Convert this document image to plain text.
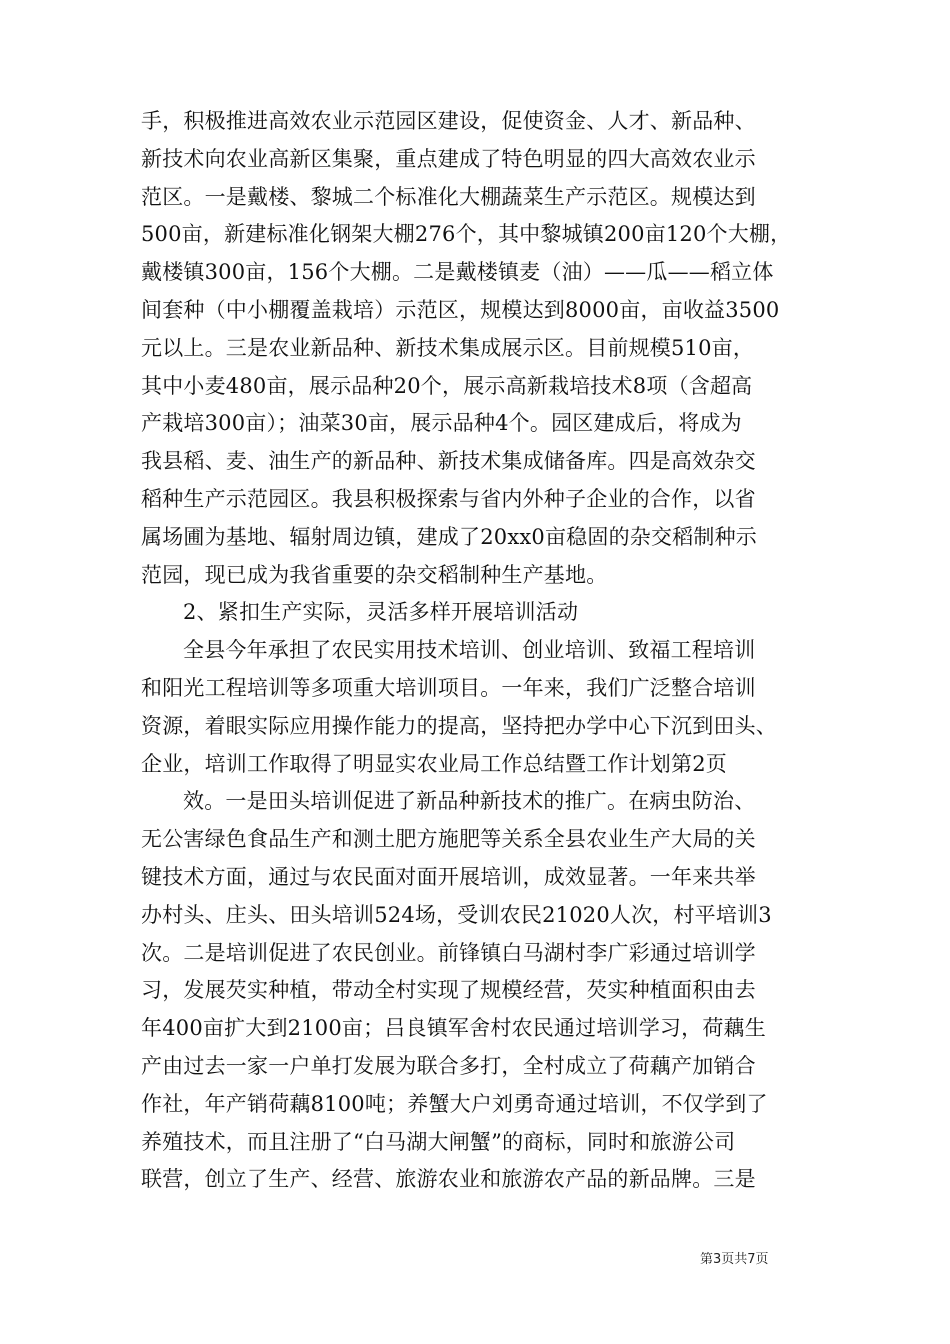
手，积极推进高效农业示范园区建设，促使资金、人才、新品种、
新技术向农业高新区集聚，重点建成了特色明显的四大高效农业示
范区。一是戴楼、黎城二个标准化大棚蔬菜生产示范区。规模达到
500亩，新建标准化钢架大棚276个，其中黎城镇200亩120个大棚，
戴楼镇300亩，156个大棚。二是戴楼镇麦（油）——瓜——稻立体
间套种（中小棚覆盖栽培）示范区，规模达到8000亩，亩收益3500
元以上。三是农业新品种、新技术集成展示区。目前规模510亩，
其中小麦480亩，展示品种20个，展示高新栽培技术8项（含超高
产栽培300亩）；油菜30亩，展示品种4个。园区建成后，将成为
我县稻、麦、油生产的新品种、新技术集成储备库。四是高效杂交
稻种生产示范园区。我县积极探索与省内外种子企业的合作，以省
属场圃为基地、辐射周边镇，建成了20xx0亩稳固的杂交稻制种示
范园，现已成为我省重要的杂交稻制种生产基地。
2、紧扣生产实际，灵活多样开展培训活动
全县今年承担了农民实用技术培训、创业培训、致福工程培训
和阳光工程培训等多项重大培训项目。一年来，我们广泛整合培训
资源，着眼实际应用操作能力的提高，坚持把办学中心下沉到田头、
企业，培训工作取得了明显实农业局工作总结暨工作计划第2页
效。一是田头培训促进了新品种新技术的推广。在病虫防治、
无公害绿色食品生产和测土肥方施肥等关系全县农业生产大局的关
键技术方面，通过与农民面对面开展培训，成效显著。一年来共举
办村头、庄头、田头培训524场，受训农民21020人次，村平培训3
次。二是培训促进了农民创业。前锋镇白马湖村李广彩通过培训学
习，发展芡实种植，带动全村实现了规模经营，芡实种植面积由去
年400亩扩大到2100亩；吕良镇军舍村农民通过培训学习，荷藕生
产由过去一家一户单打发展为联合多打，全村成立了荷藕产加销合
作社，年产销荷藕8100吨；养蟹大户刘勇奇通过培训，不仅学到了
养殖技术，而且注册了“白马湖大闸蟹”的商标，同时和旅游公司
联营，创立了生产、经营、旅游农业和旅游农产品的新品牌。三是
第3页共7页
